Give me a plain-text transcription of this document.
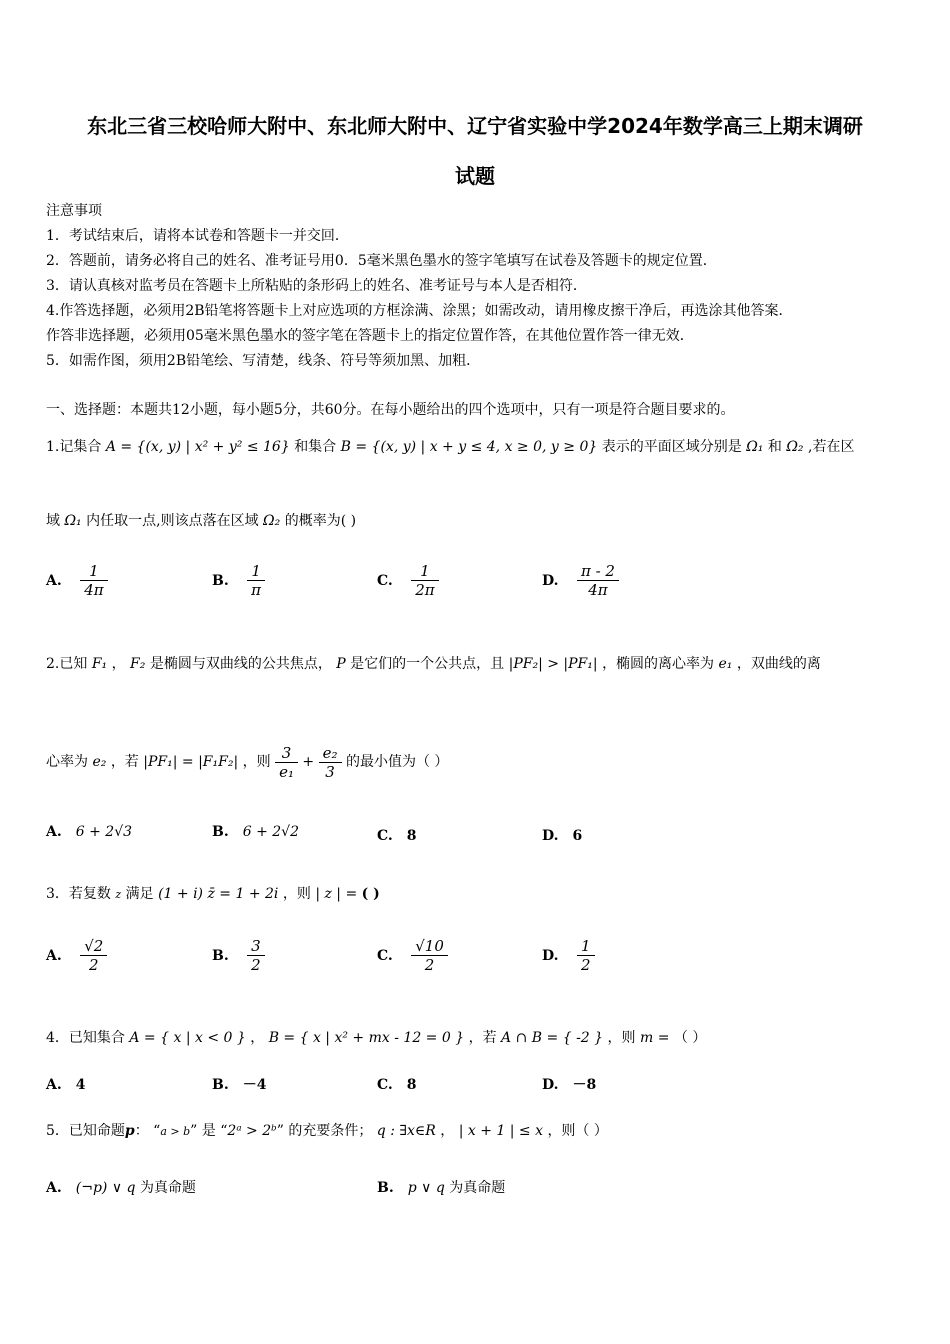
东北三省三校哈师大附中、东北师大附中、辽宁省实验中学2024年数学高三上期末调研
试题
注意事项
1．考试结束后，请将本试卷和答题卡一并交回．
2．答题前，请务必将自己的姓名、准考证号用0．5毫米黑色墨水的签字笔填写在试卷及答题卡的规定位置．
3．请认真核对监考员在答题卡上所粘贴的条形码上的姓名、准考证号与本人是否相符．
4.作答选择题，必须用2B铅笔将答题卡上对应选项的方框涂满、涂黑；如需改动，请用橡皮擦干净后，再选涂其他答案．
作答非选择题，必须用05毫米黑色墨水的签字笔在答题卡上的指定位置作答，在其他位置作答一律无效．
5．如需作图，须用2B铅笔绘、写清楚，线条、符号等须加黑、加粗．
一、选择题：本题共12小题，每小题5分，共60分。在每小题给出的四个选项中，只有一项是符合题目要求的。
1.记集合 A = {(x, y) | x² + y² ≤ 16} 和集合 B = {(x, y) | x + y ≤ 4, x ≥ 0, y ≥ 0} 表示的平面区域分别是 Ω₁ 和 Ω₂ ,若在区
域 Ω₁ 内任取一点,则该点落在区域 Ω₂ 的概率为( )
A. $\frac{1}{4\pi}$	B. $\frac{1}{\pi}$	C. $\frac{1}{2\pi}$	D. $\frac{\pi - 2}{4\pi}$
2.已知 F₁ ， F₂ 是椭圆与双曲线的公共焦点， P 是它们的一个公共点，且 |PF₂| > |PF₁| ，椭圆的离心率为 e₁ ，双曲线的离
心率为 e₂ ，若 |PF₁| = |F₁F₂| ，则 $\frac{3}{\text{e₁}} + \frac{\text{e₂}}{3}$ 的最小值为（ ）
A. 6 + 2√3	B. 6 + 2√2	C. 8	D. 6
3．若复数 z 满足 (1 + i) z̄ = 1 + 2i ，则 | z | = ( )
A. $\frac{√2}{2}$	B. $\frac{3}{2}$	C. $\frac{√10}{2}$	D. $\frac{1}{2}$
4．已知集合 A = { x | x < 0 } ， B = { x | x² + mx - 12 = 0 } ，若 A ∩ B = { -2 } ，则 m = （ ）
A. 4	B. －4	C. 8	D. －8
5．已知命题p： “a > b” 是 “2ᵃ > 2ᵇ” 的充要条件； q : ∃x∈R ， | x + 1 | ≤ x ，则（ ）
A. (¬p) ∨ q 为真命题	B. p ∨ q 为真命题
